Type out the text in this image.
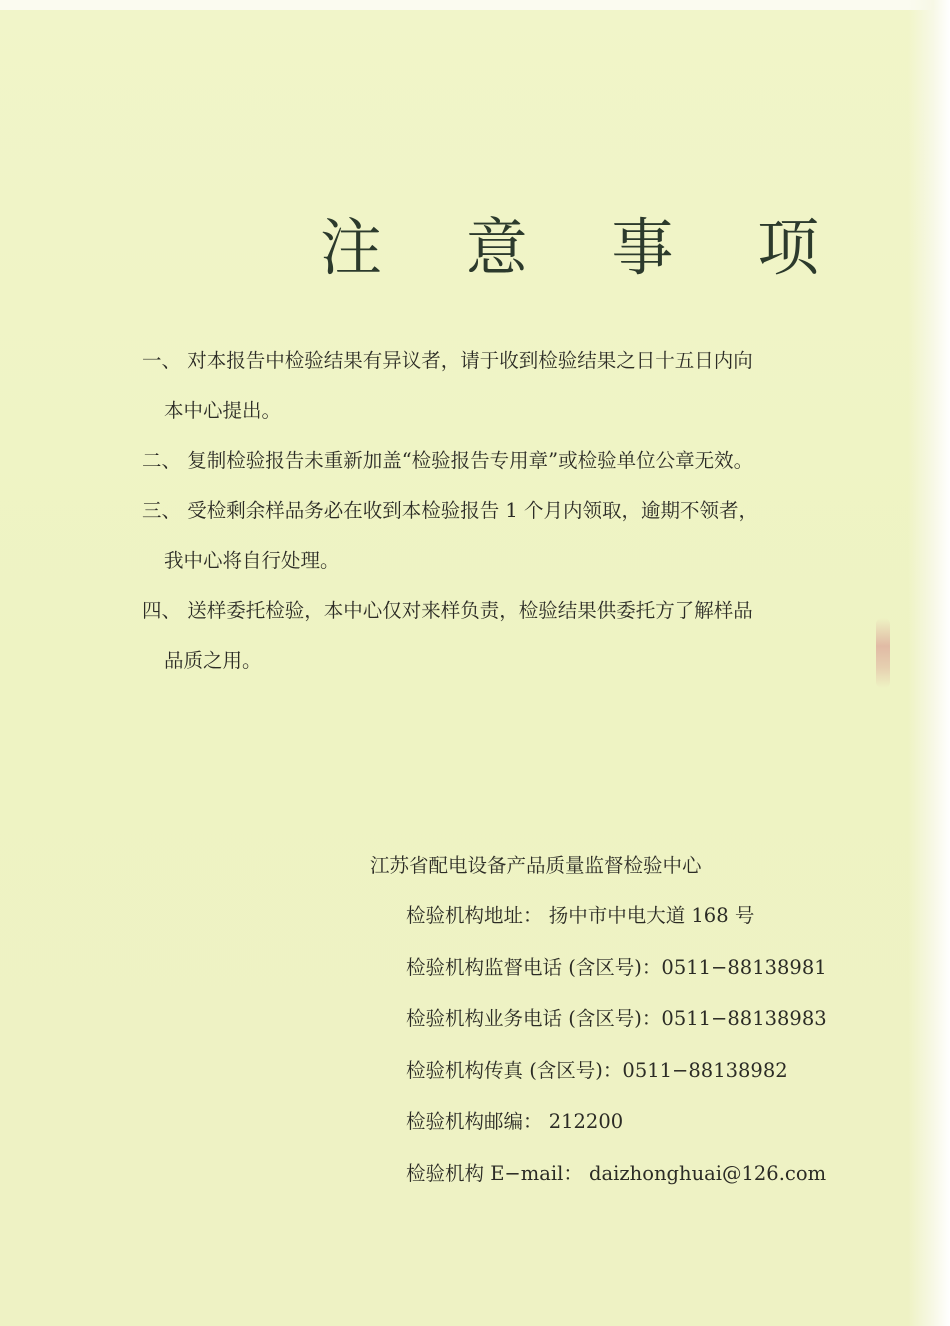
注 意 事 项
一、 对本报告中检验结果有异议者，请于收到检验结果之日十五日内向
本中心提出。
二、 复制检验报告未重新加盖“检验报告专用章”或检验单位公章无效。
三、 受检剩余样品务必在收到本检验报告 1 个月内领取，逾期不领者，
我中心将自行处理。
四、 送样委托检验，本中心仅对来样负责，检验结果供委托方了解样品
品质之用。
江苏省配电设备产品质量监督检验中心
检验机构地址： 扬中市中电大道 168 号
检验机构监督电话 (含区号)：0511−88138981
检验机构业务电话 (含区号)：0511−88138983
检验机构传真 (含区号)：0511−88138982
检验机构邮编： 212200
检验机构 E−mail： daizhonghuai@126.com
